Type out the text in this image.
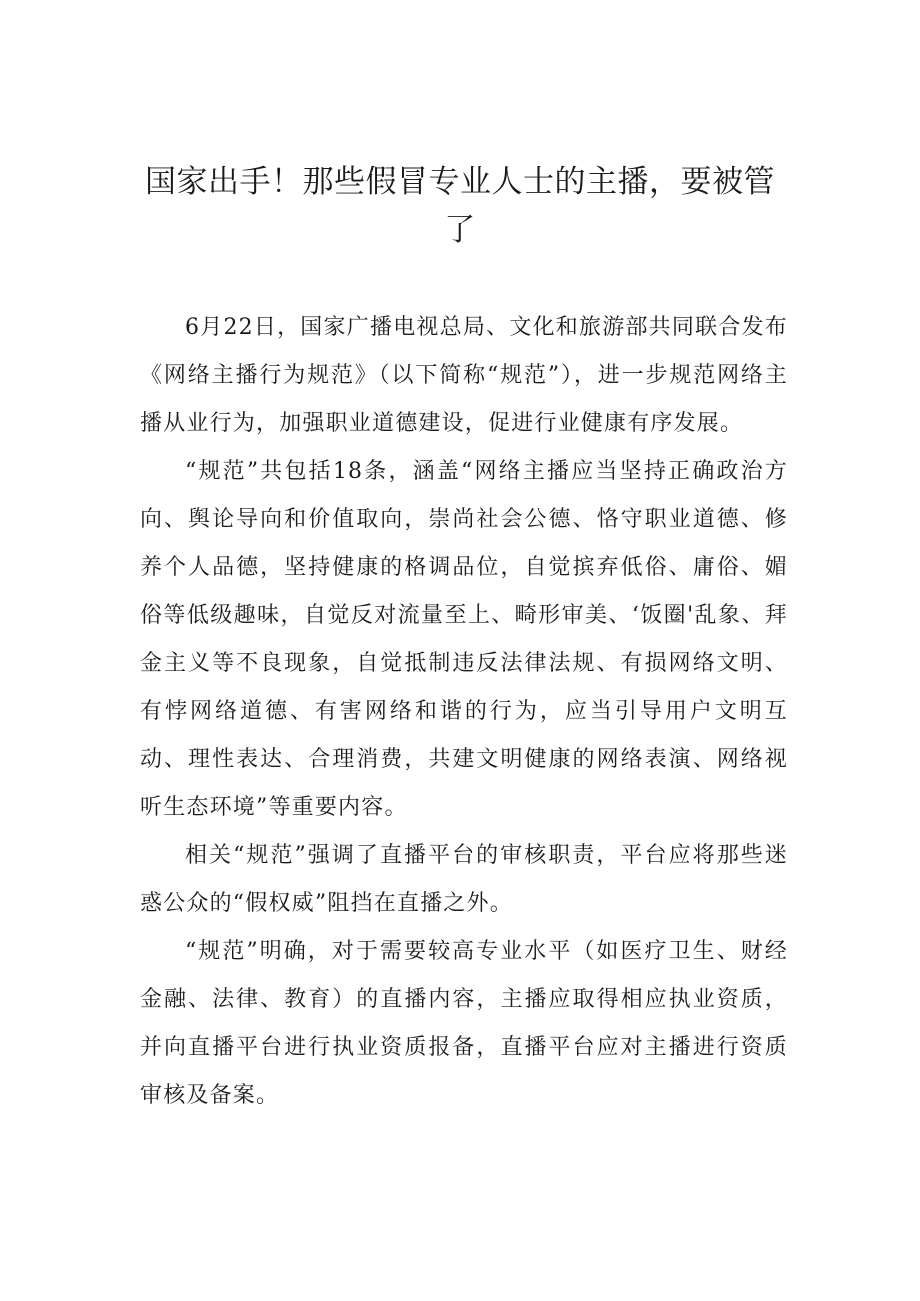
国家出手！那些假冒专业人士的主播，要被管了

6月22日，国家广播电视总局、文化和旅游部共同联合发布《网络主播行为规范》（以下简称“规范”），进一步规范网络主播从业行为，加强职业道德建设，促进行业健康有序发展。

“规范”共包括18条，涵盖“网络主播应当坚持正确政治方向、舆论导向和价值取向，崇尚社会公德、恪守职业道德、修养个人品德，坚持健康的格调品位，自觉摈弃低俗、庸俗、媚俗等低级趣味，自觉反对流量至上、畸形审美、‘饭圈'乱象、拜金主义等不良现象，自觉抵制违反法律法规、有损网络文明、有悖网络道德、有害网络和谐的行为，应当引导用户文明互动、理性表达、合理消费，共建文明健康的网络表演、网络视听生态环境”等重要内容。

相关“规范”强调了直播平台的审核职责，平台应将那些迷惑公众的“假权威”阻挡在直播之外。

“规范”明确，对于需要较高专业水平（如医疗卫生、财经金融、法律、教育）的直播内容，主播应取得相应执业资质，并向直播平台进行执业资质报备，直播平台应对主播进行资质审核及备案。
